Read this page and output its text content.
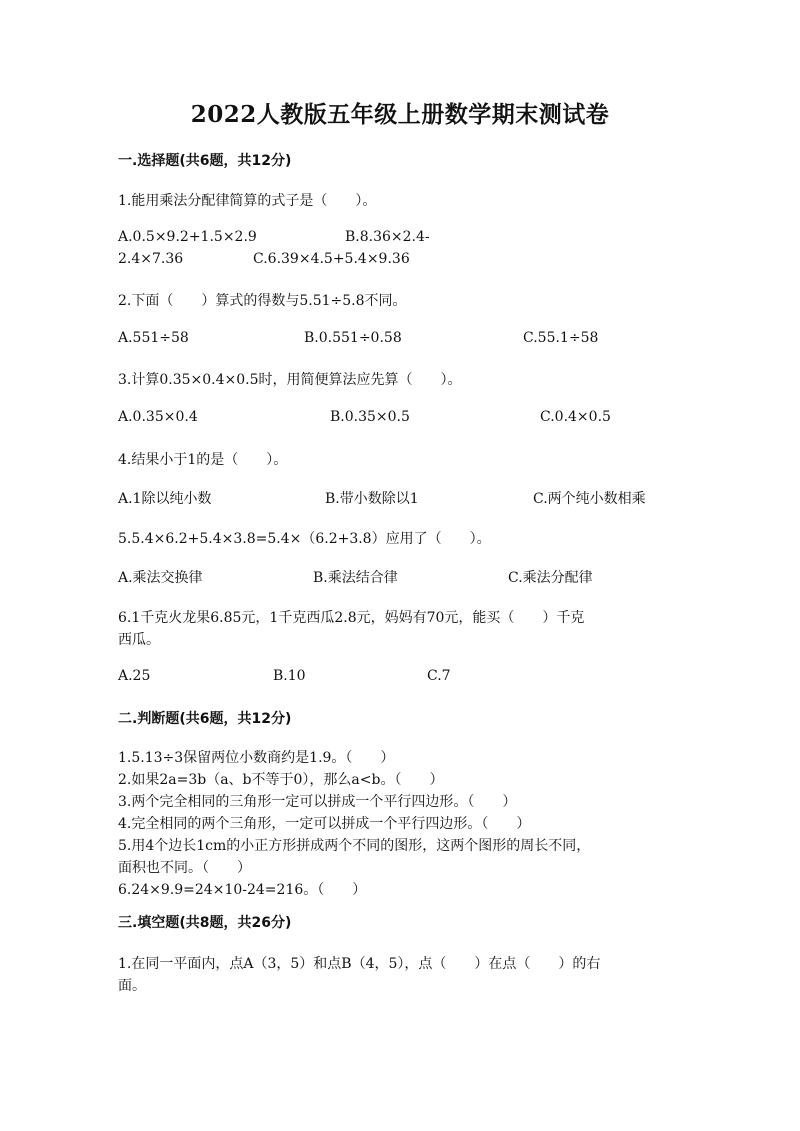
2022人教版五年级上册数学期末测试卷
一.选择题(共6题，共12分)
1.能用乘法分配律简算的式子是（　　）。
A.0.5×9.2+1.5×2.9	B.8.36×2.4-
2.4×7.36	C.6.39×4.5+5.4×9.36
2.下面（　　）算式的得数与5.51÷5.8不同。
A.551÷58	B.0.551÷0.58	C.55.1÷58
3.计算0.35×0.4×0.5时，用简便算法应先算（　　）。
A.0.35×0.4	B.0.35×0.5	C.0.4×0.5
4.结果小于1的是（　　）。
A.1除以纯小数	B.带小数除以1	C.两个纯小数相乘
5.5.4×6.2+5.4×3.8=5.4×（6.2+3.8）应用了（　　）。
A.乘法交换律	B.乘法结合律	C.乘法分配律
6.1千克火龙果6.85元，1千克西瓜2.8元，妈妈有70元，能买（　　）千克
西瓜。
A.25	B.10	C.7
二.判断题(共6题，共12分)
1.5.13÷3保留两位小数商约是1.9。（　　）
2.如果2a=3b（a、b不等于0），那么a<b。（　　）
3.两个完全相同的三角形一定可以拼成一个平行四边形。（　　）
4.完全相同的两个三角形，一定可以拼成一个平行四边形。（　　）
5.用4个边长1cm的小正方形拼成两个不同的图形，这两个图形的周长不同，
面积也不同。（　　）
6.24×9.9=24×10-24=216。（　　）
三.填空题(共8题，共26分)
1.在同一平面内，点A（3，5）和点B（4，5），点（　　）在点（　　）的右
面。
